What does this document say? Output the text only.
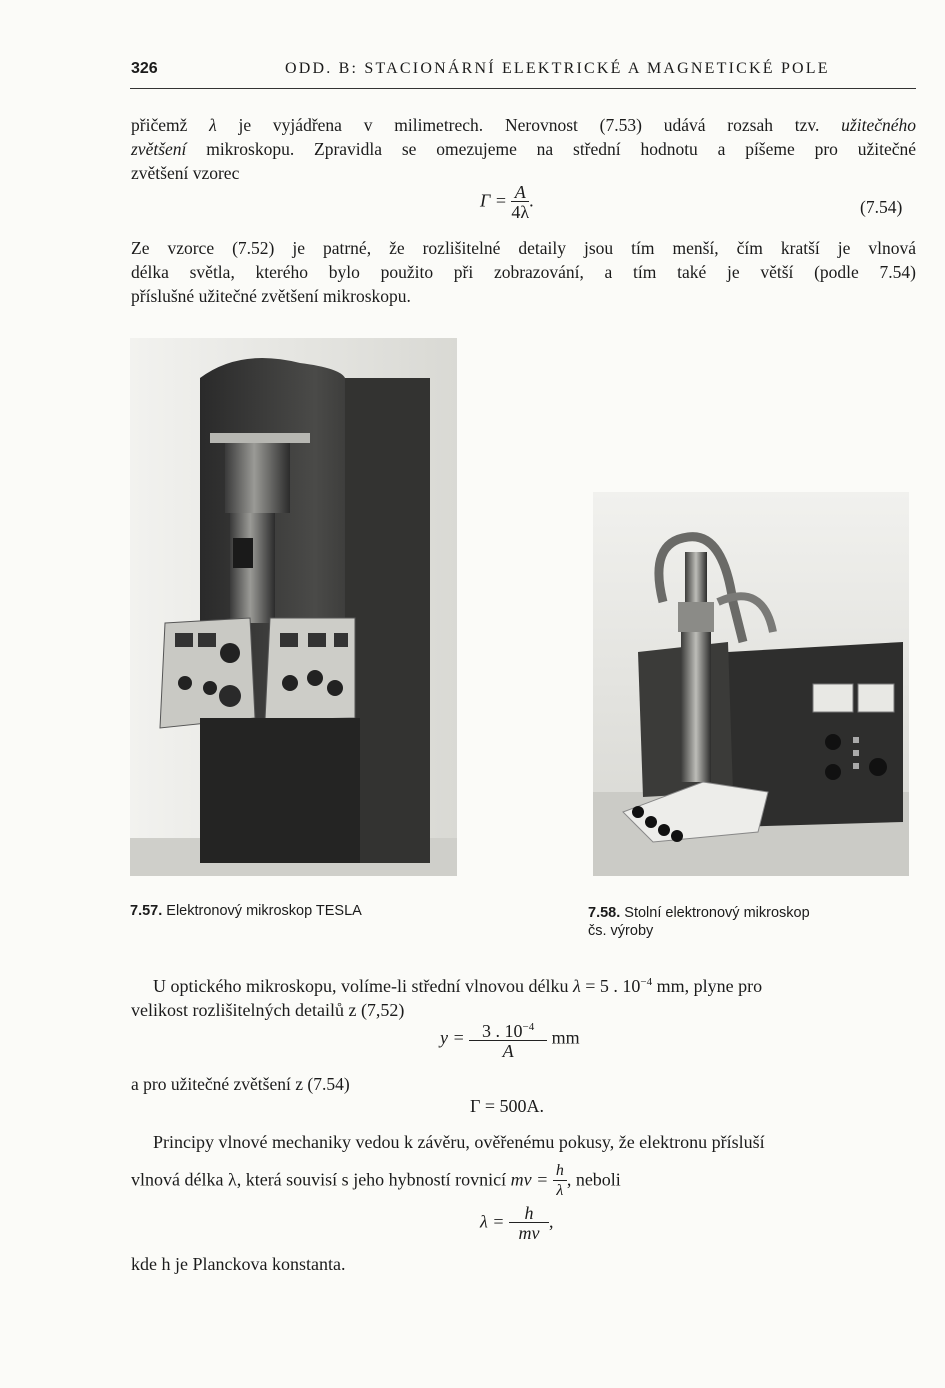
326	ODD. B: STACIONÁRNÍ ELEKTRICKÉ A MAGNETICKÉ POLE
přičemž λ je vyjádřena v milimetrech. Nerovnost (7.53) udává rozsah tzv. užitečného
zvětšení mikroskopu. Zpravidla se omezujeme na střední hodnotu a píšeme pro užitečné
zvětšení vzorec
$\Gamma = \frac{A}{4\lambda}$ .	(7.54)
Ze vzorce (7.52) je patrné, že rozlišitelné detaily jsou tím menší, čím kratší je vlnová
délka světla, kterého bylo použito při zobrazování, a tím také je větší (podle 7.54)
příslušné užitečné zvětšení mikroskopu.
7.57. Elektronový mikroskop TESLA	7.58. Stolní elektronový mikroskop
čs. výroby
U optického mikroskopu, volíme-li střední vlnovou délku λ = 5 . $10^{-4}$ mm, plyne pro
velikost rozlišitelných detailů z (7,52)
$y = \frac{3 . 10^{-4}}{A}$ mm
a pro užitečné zvětšení z (7.54)
Γ = 500A.
Principy vlnové mechaniky vedou k závěru, ověřenému pokusy, že elektronu přísluší
vlnová délka λ, která souvisí s jeho hybností rovnicí mv = $\frac{h}{\lambda}$ , neboli
$\lambda = \frac{h}{mv}$ ,
kde h je Planckova konstanta.
